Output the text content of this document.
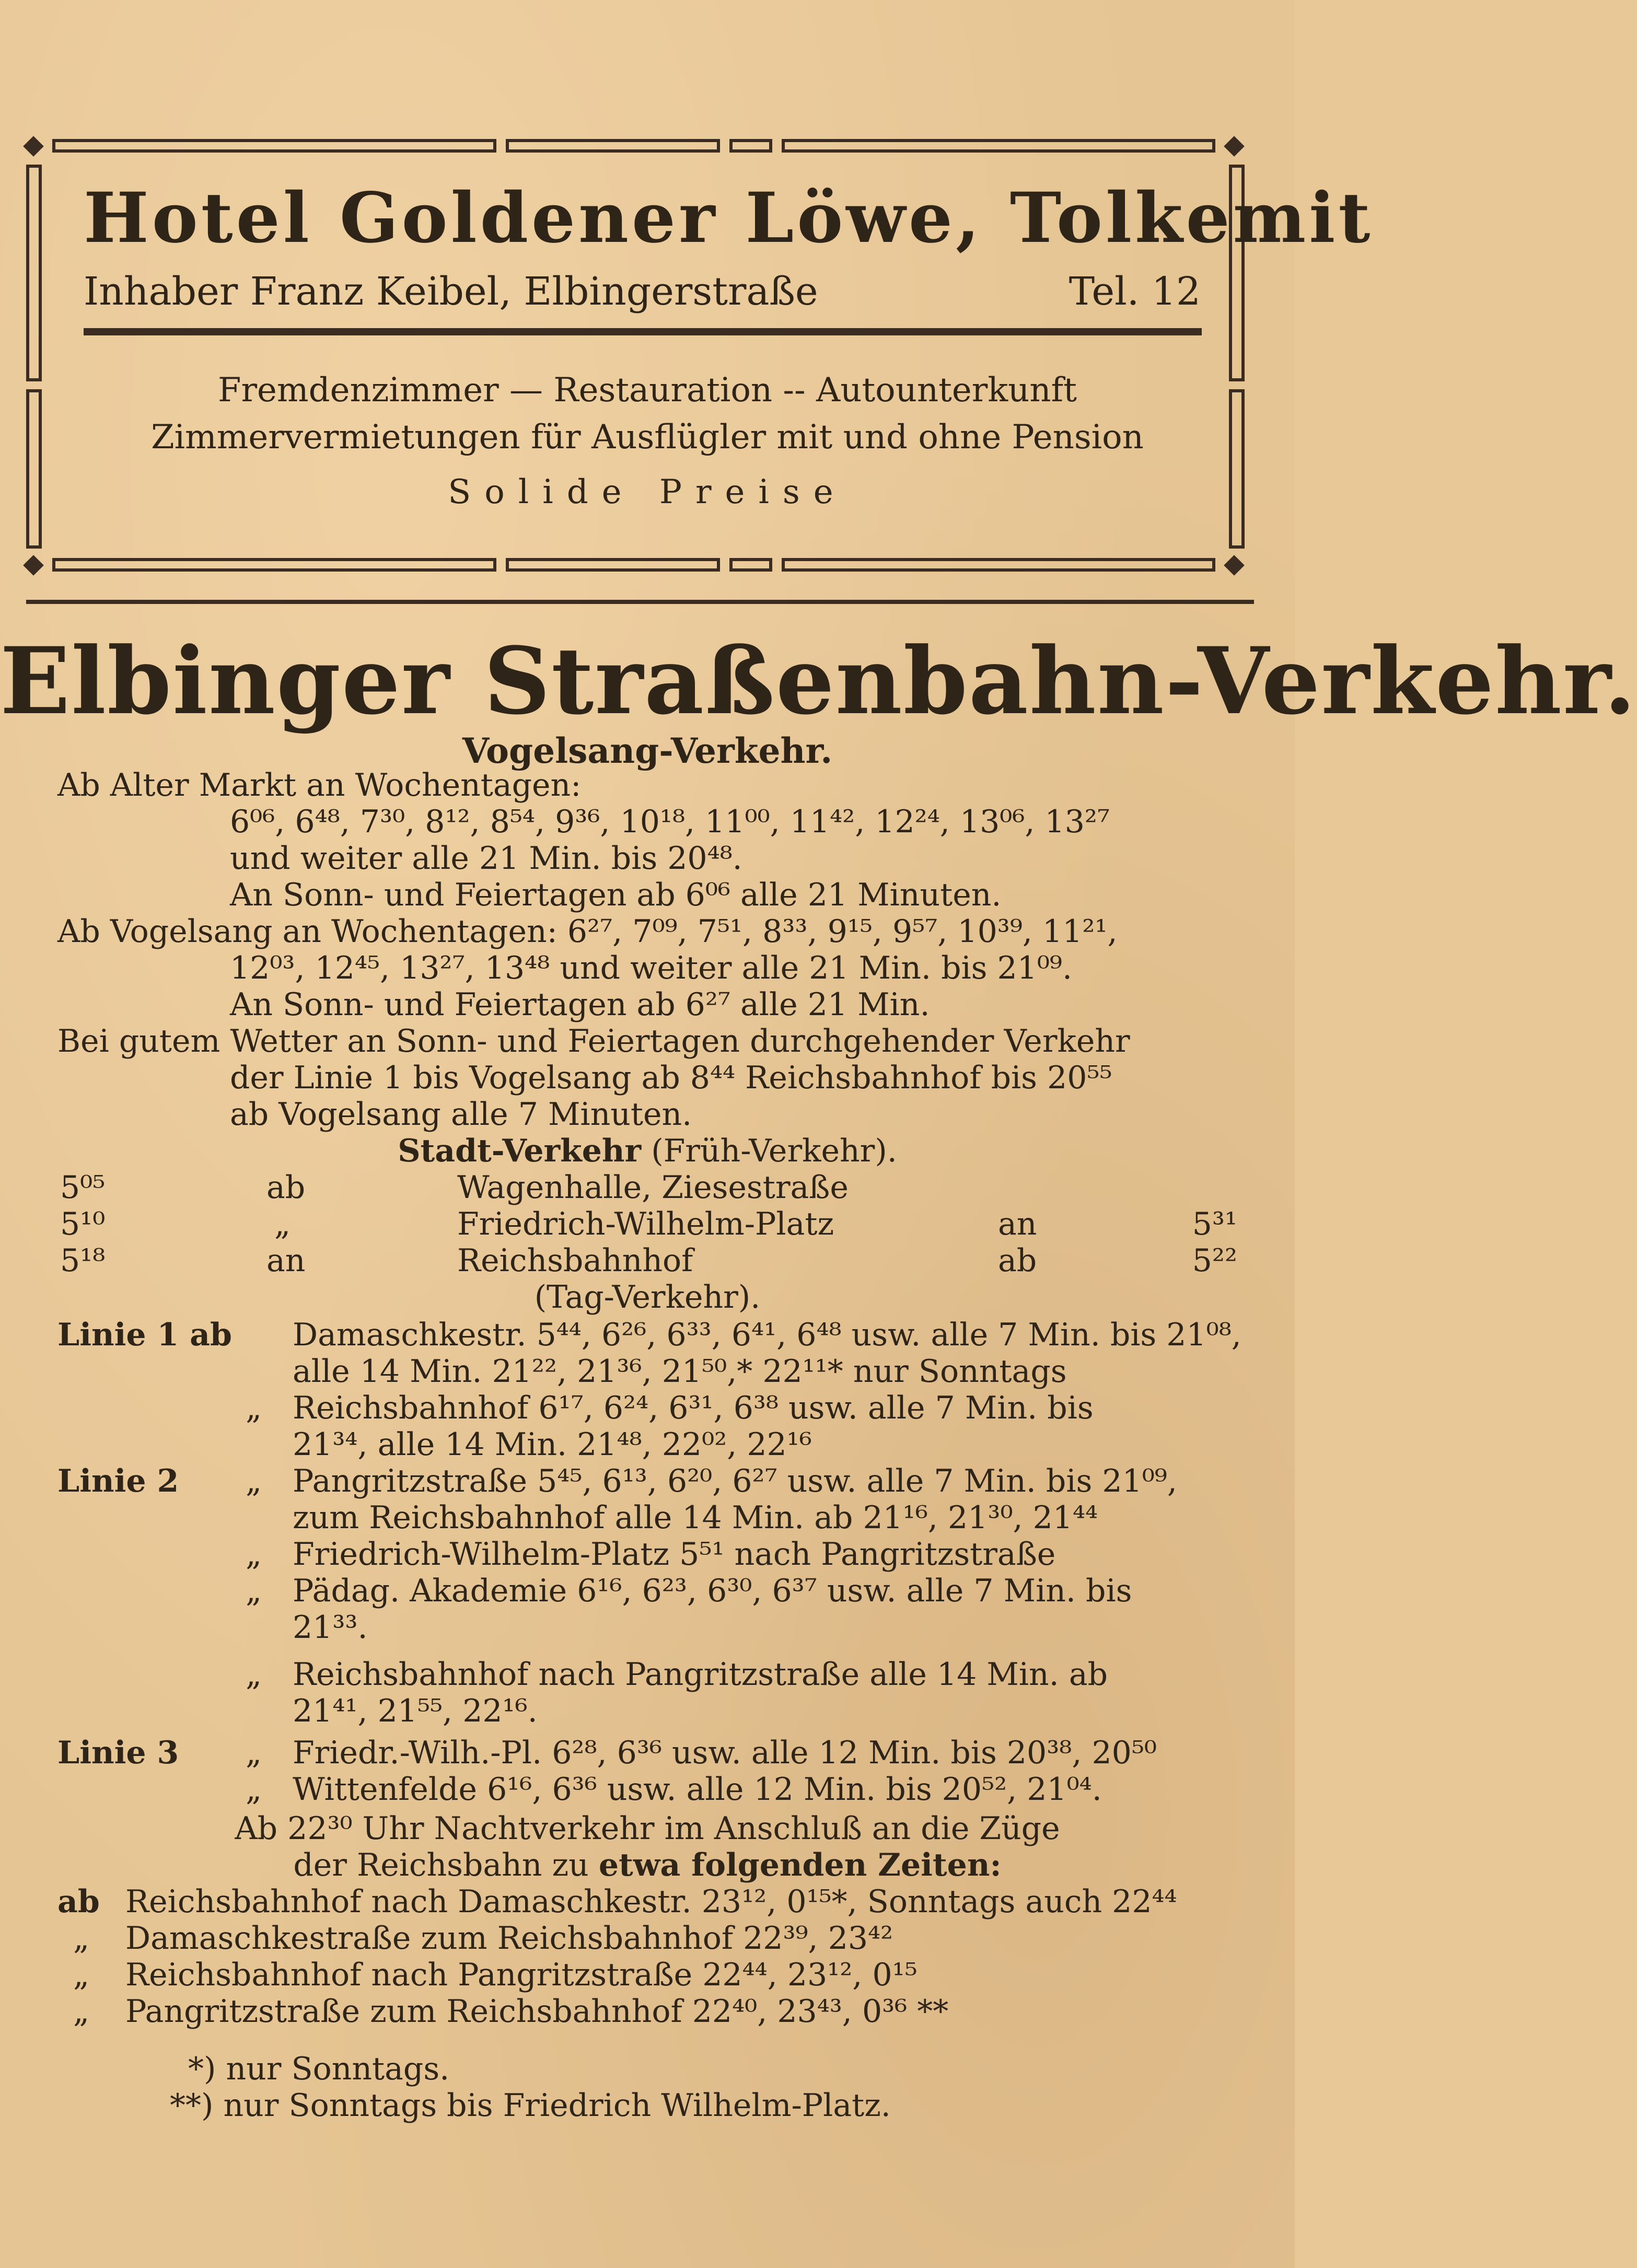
Hotel Goldener Löwe, Tolkemit
Inhaber Franz Keibel, Elbingerstraße	Tel. 12
Fremdenzimmer — Restauration -- Autounterkunft
Zimmervermietungen für Ausflügler mit und ohne Pension
Solide Preise
Elbinger Straßenbahn-Verkehr.
Vogelsang-Verkehr.
Ab Alter Markt an Wochentagen:
6⁰⁶, 6⁴⁸, 7³⁰, 8¹², 8⁵⁴, 9³⁶, 10¹⁸, 11⁰⁰, 11⁴², 12²⁴, 13⁰⁶, 13²⁷
und weiter alle 21 Min. bis 20⁴⁸.
An Sonn- und Feiertagen ab 6⁰⁶ alle 21 Minuten.
Ab Vogelsang an Wochentagen: 6²⁷, 7⁰⁹, 7⁵¹, 8³³, 9¹⁵, 9⁵⁷, 10³⁹, 11²¹,
12⁰³, 12⁴⁵, 13²⁷, 13⁴⁸ und weiter alle 21 Min. bis 21⁰⁹.
An Sonn- und Feiertagen ab 6²⁷ alle 21 Min.
Bei gutem Wetter an Sonn- und Feiertagen durchgehender Verkehr
der Linie 1 bis Vogelsang ab 8⁴⁴ Reichsbahnhof bis 20⁵⁵
ab Vogelsang alle 7 Minuten.
Stadt-Verkehr (Früh-Verkehr).
5⁰⁵	ab	Wagenhalle, Ziesestraße
5¹⁰	„	Friedrich-Wilhelm-Platz	an	5³¹
5¹⁸	an	Reichsbahnhof	ab	5²²
(Tag-Verkehr).
Linie 1 ab Damaschkestr. 5⁴⁴, 6²⁶, 6³³, 6⁴¹, 6⁴⁸ usw. alle 7 Min. bis 21⁰⁸,
alle 14 Min. 21²², 21³⁶, 21⁵⁰,* 22¹¹* nur Sonntags
„ Reichsbahnhof 6¹⁷, 6²⁴, 6³¹, 6³⁸ usw. alle 7 Min. bis
21³⁴, alle 14 Min. 21⁴⁸, 22⁰², 22¹⁶
Linie 2 „ Pangritzstraße 5⁴⁵, 6¹³, 6²⁰, 6²⁷ usw. alle 7 Min. bis 21⁰⁹,
zum Reichsbahnhof alle 14 Min. ab 21¹⁶, 21³⁰, 21⁴⁴
„ Friedrich-Wilhelm-Platz 5⁵¹ nach Pangritzstraße
„ Pädag. Akademie 6¹⁶, 6²³, 6³⁰, 6³⁷ usw. alle 7 Min. bis
21³³.
„ Reichsbahnhof nach Pangritzstraße alle 14 Min. ab
21⁴¹, 21⁵⁵, 22¹⁶.
Linie 3 „ Friedr.-Wilh.-Pl. 6²⁸, 6³⁶ usw. alle 12 Min. bis 20³⁸, 20⁵⁰
„ Wittenfelde 6¹⁶, 6³⁶ usw. alle 12 Min. bis 20⁵², 21⁰⁴.
Ab 22³⁰ Uhr Nachtverkehr im Anschluß an die Züge
der Reichsbahn zu etwa folgenden Zeiten:
ab Reichsbahnhof nach Damaschkestr. 23¹², 0¹⁵*, Sonntags auch 22⁴⁴
„ Damaschkestraße zum Reichsbahnhof 22³⁹, 23⁴²
„ Reichsbahnhof nach Pangritzstraße 22⁴⁴, 23¹², 0¹⁵
„ Pangritzstraße zum Reichsbahnhof 22⁴⁰, 23⁴³, 0³⁶ **
*) nur Sonntags.
**) nur Sonntags bis Friedrich Wilhelm-Platz.
